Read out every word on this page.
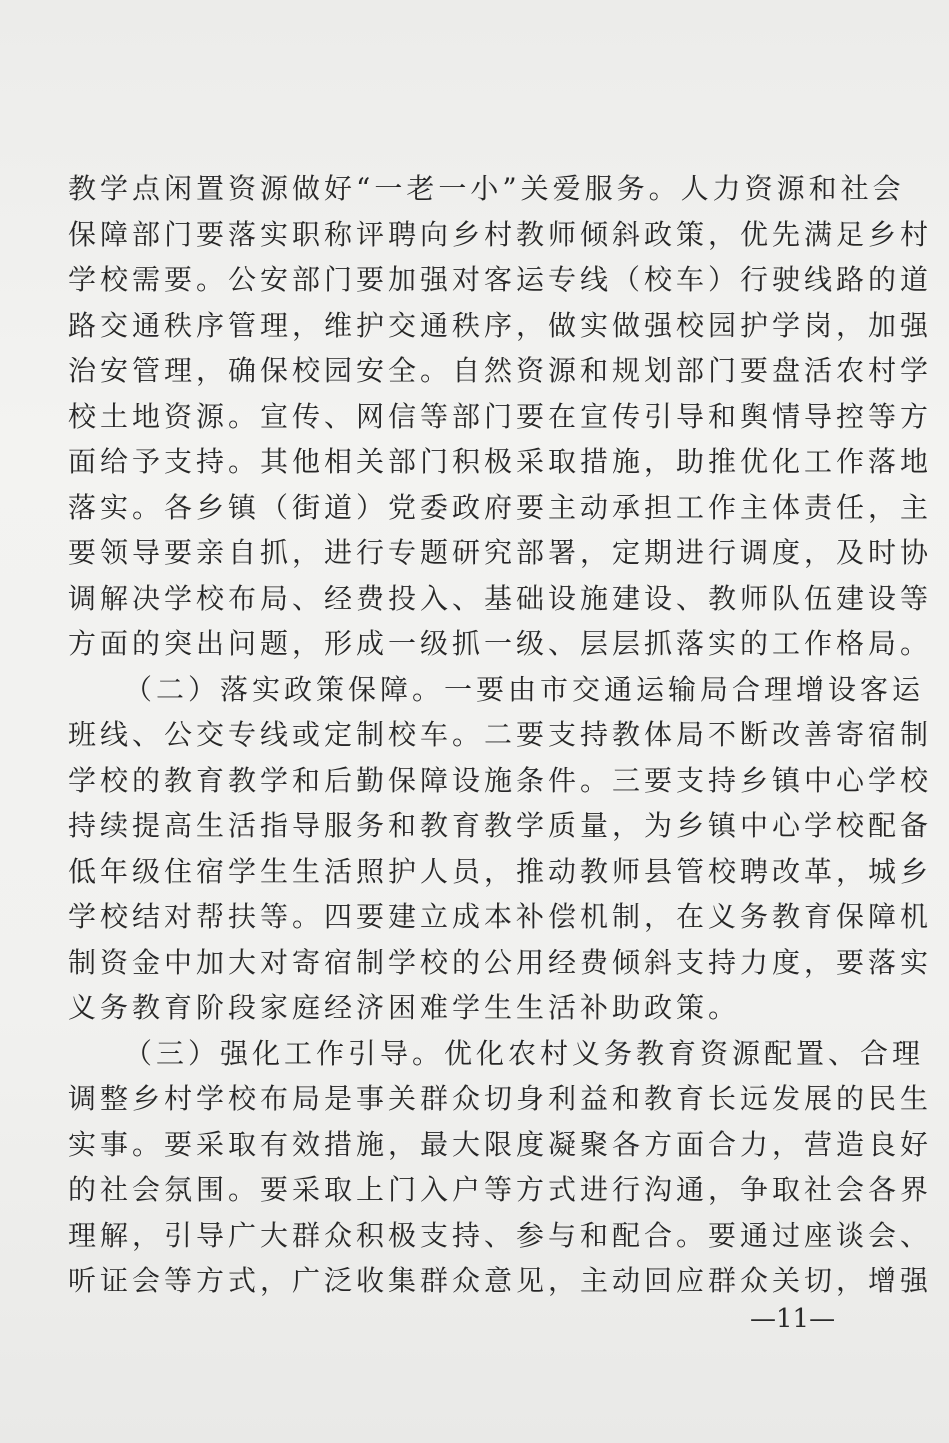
教学点闲置资源做好“一老一小”关爱服务。人力资源和社会
保障部门要落实职称评聘向乡村教师倾斜政策，优先满足乡村
学校需要。公安部门要加强对客运专线（校车）行驶线路的道
路交通秩序管理，维护交通秩序，做实做强校园护学岗，加强
治安管理，确保校园安全。自然资源和规划部门要盘活农村学
校土地资源。宣传、网信等部门要在宣传引导和舆情导控等方
面给予支持。其他相关部门积极采取措施，助推优化工作落地
落实。各乡镇（街道）党委政府要主动承担工作主体责任，主
要领导要亲自抓，进行专题研究部署，定期进行调度，及时协
调解决学校布局、经费投入、基础设施建设、教师队伍建设等
方面的突出问题，形成一级抓一级、层层抓落实的工作格局。
（二）落实政策保障。一要由市交通运输局合理增设客运
班线、公交专线或定制校车。二要支持教体局不断改善寄宿制
学校的教育教学和后勤保障设施条件。三要支持乡镇中心学校
持续提高生活指导服务和教育教学质量，为乡镇中心学校配备
低年级住宿学生生活照护人员，推动教师县管校聘改革，城乡
学校结对帮扶等。四要建立成本补偿机制，在义务教育保障机
制资金中加大对寄宿制学校的公用经费倾斜支持力度，要落实
义务教育阶段家庭经济困难学生生活补助政策。
（三）强化工作引导。优化农村义务教育资源配置、合理
调整乡村学校布局是事关群众切身利益和教育长远发展的民生
实事。要采取有效措施，最大限度凝聚各方面合力，营造良好
的社会氛围。要采取上门入户等方式进行沟通，争取社会各界
理解，引导广大群众积极支持、参与和配合。要通过座谈会、
听证会等方式，广泛收集群众意见，主动回应群众关切，增强
—11—
